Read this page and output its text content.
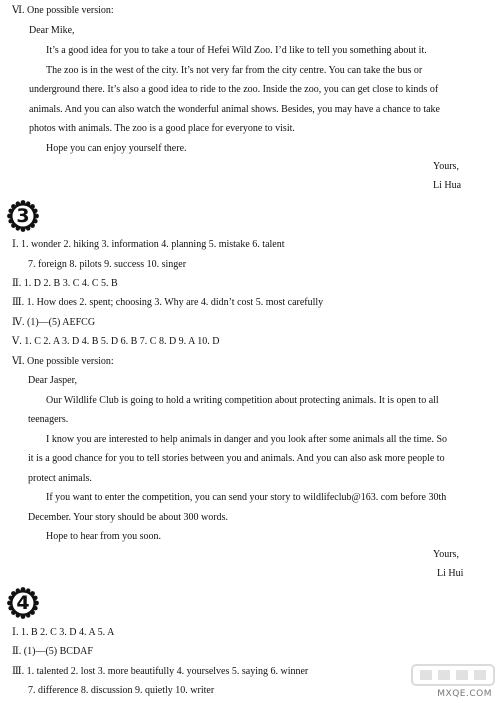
Ⅵ. One possible version:
Dear Mike,
It’s a good idea for you to take a tour of Hefei Wild Zoo. I’d like to tell you something about it.
The zoo is in the west of the city. It’s not very far from the city centre. You can take the bus or
underground there. It’s also a good idea to ride to the zoo. Inside the zoo, you can get close to kinds of
animals. And you can also watch the wonderful animal shows. Besides, you may have a chance to take
photos with animals. The zoo is a good place for everyone to visit.
Hope you can enjoy yourself there.
Yours,
Li Hua
3
Ⅰ. 1. wonder 2. hiking 3. information 4. planning 5. mistake 6. talent
7. foreign 8. pilots 9. success 10. singer
Ⅱ. 1. D 2. B 3. C 4. C 5. B
Ⅲ. 1. How does 2. spent; choosing 3. Why are 4. didn’t cost 5. most carefully
Ⅳ. (1)—(5) AEFCG
Ⅴ. 1. C 2. A 3. D 4. B 5. D 6. B 7. C 8. D 9. A 10. D
Ⅵ. One possible version:
Dear Jasper,
Our Wildlife Club is going to hold a writing competition about protecting animals. It is open to all
teenagers.
I know you are interested to help animals in danger and you look after some animals all the time. So
it is a good chance for you to tell stories between you and animals. And you can also ask more people to
protect animals.
If you want to enter the competition, you can send your story to wildlifeclub@163. com before 30th
December. Your story should be about 300 words.
Hope to hear from you soon.
Yours,
Li Hui
4
Ⅰ. 1. B 2. C 3. D 4. A 5. A
Ⅱ. (1)—(5) BCDAF
Ⅲ. 1. talented 2. lost 3. more beautifully 4. yourselves 5. saying 6. winner
7. difference 8. discussion 9. quietly 10. writer	MXQE.COM
